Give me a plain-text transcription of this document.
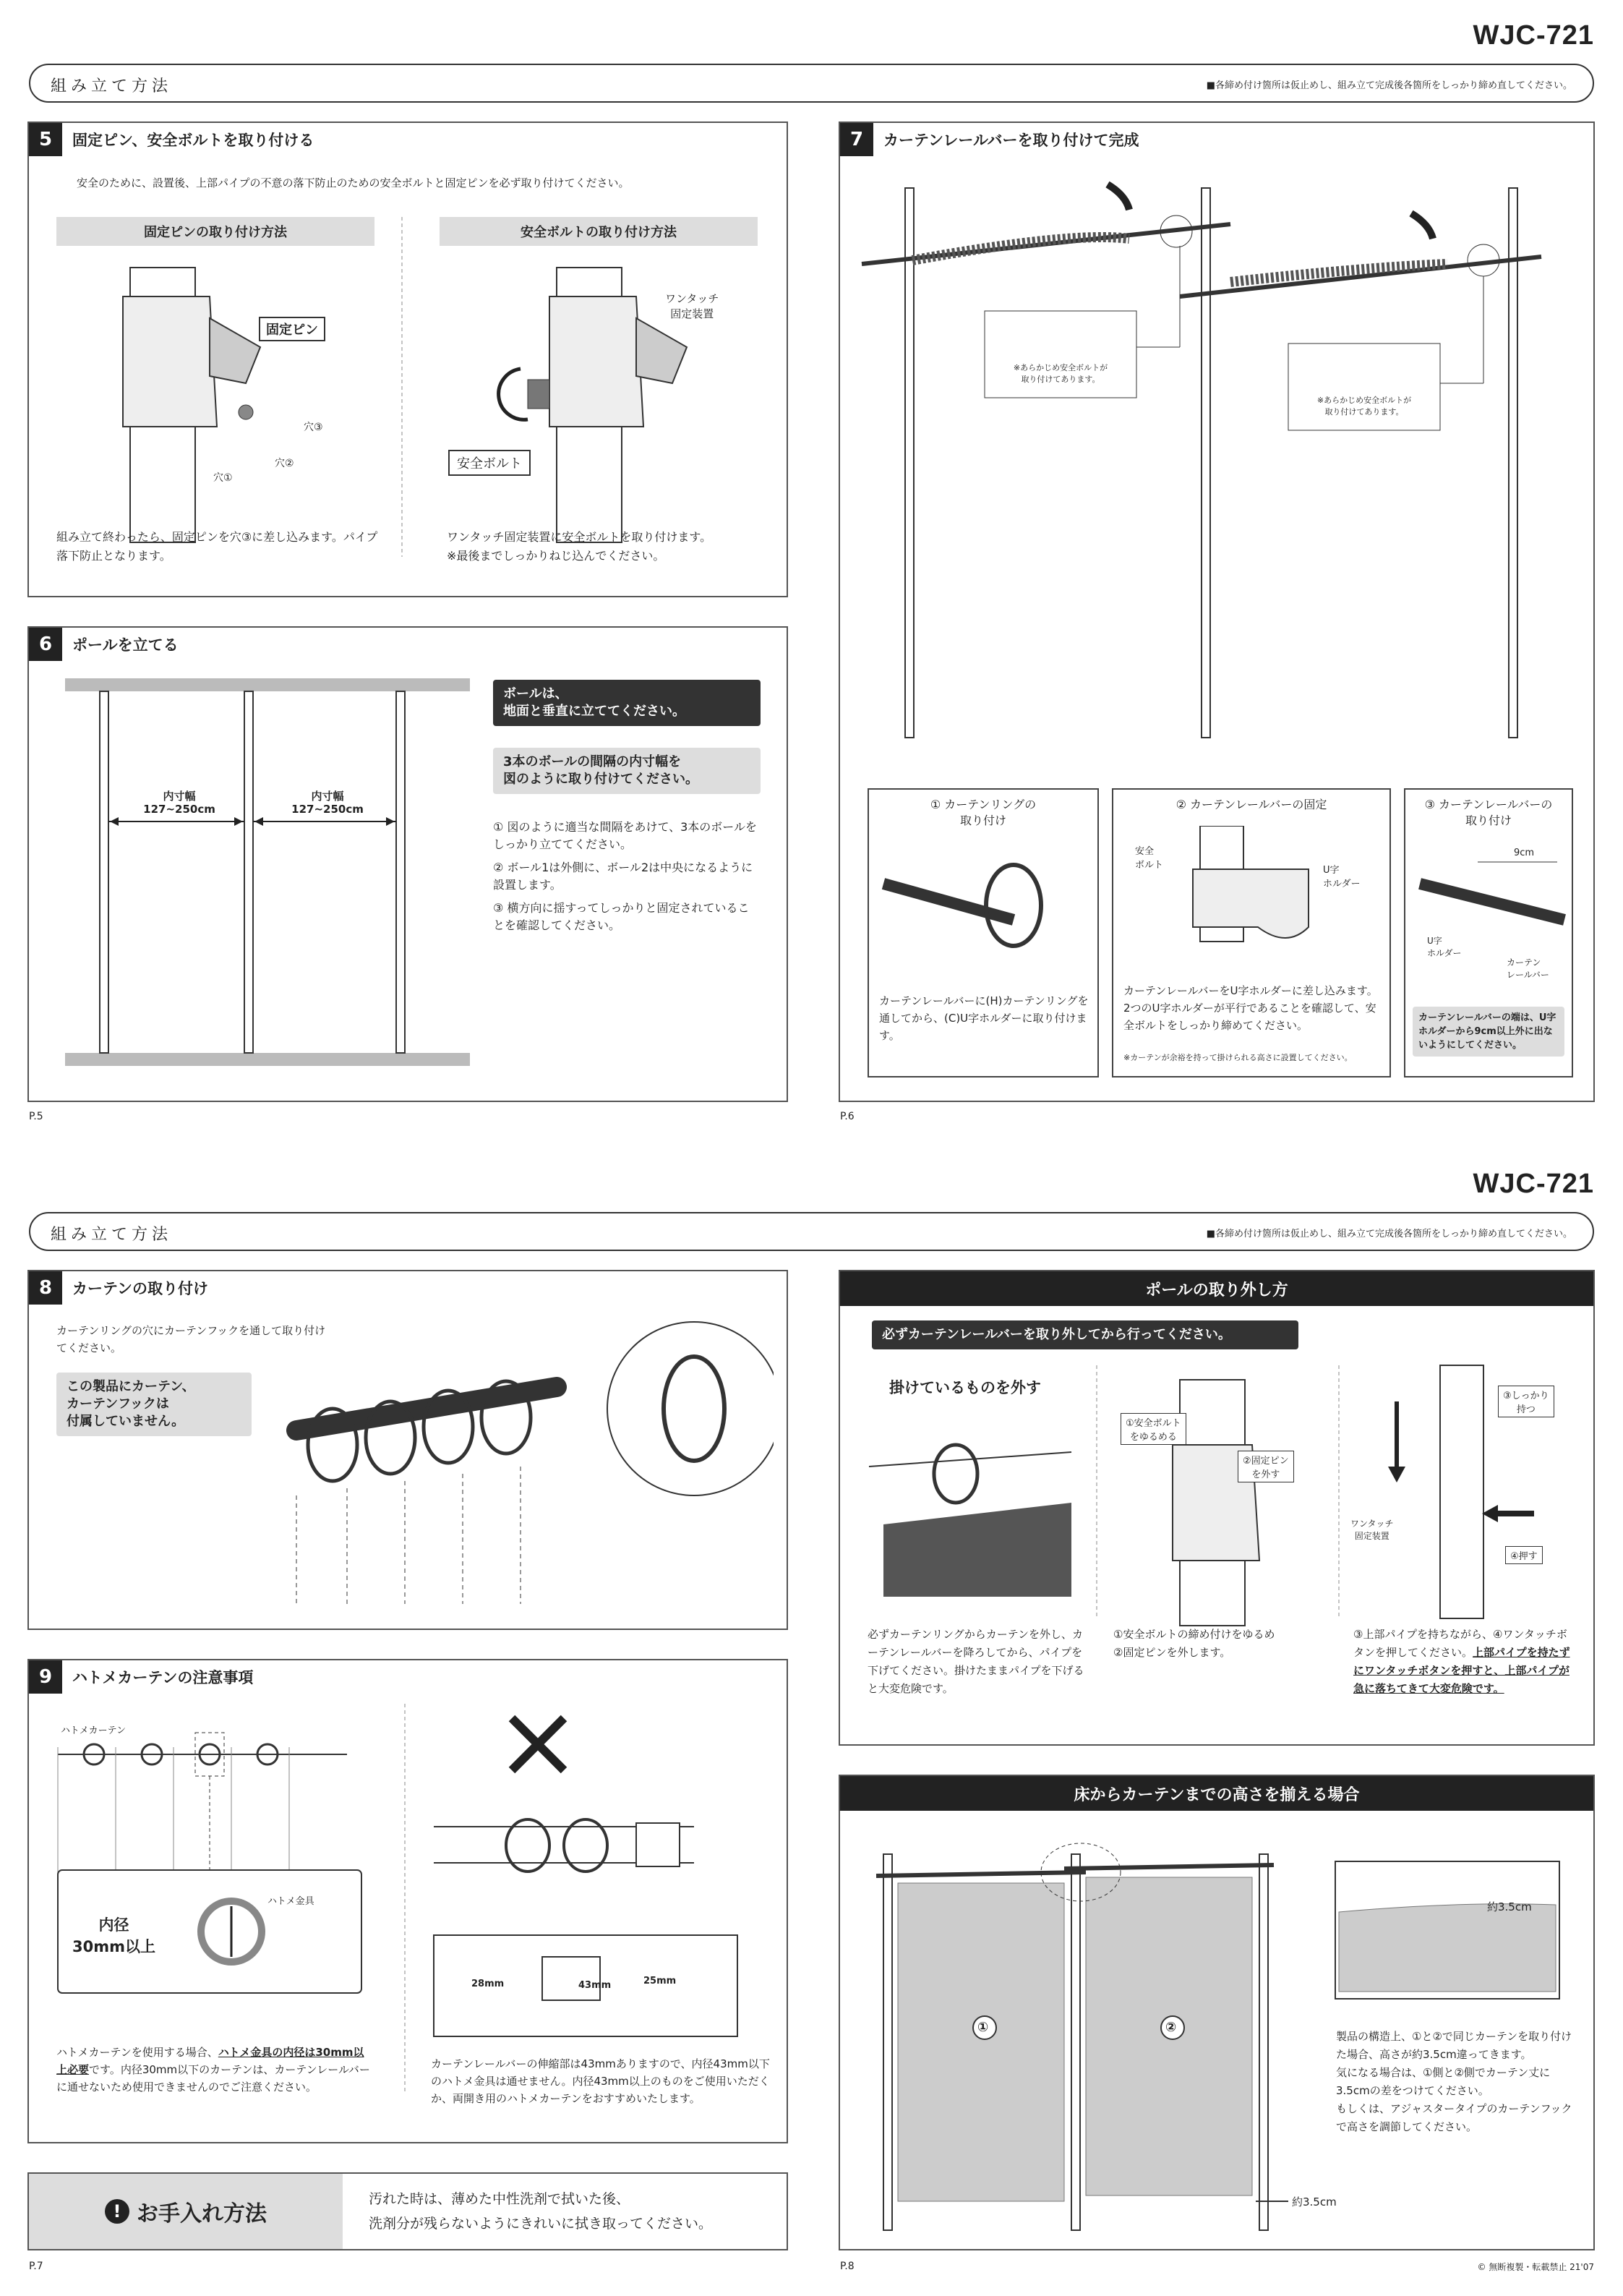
WJC-721
組み立て方法	■各締め付け箇所は仮止めし、組み立て完成後各箇所をしっかり締め直してください。
5	固定ピン、安全ボルトを取り付ける
安全のために、設置後、上部パイプの不意の落下防止のための安全ボルトと固定ピンを必ず取り付けてください。
固定ピンの取り付け方法	安全ボルトの取り付け方法
固定ピン
穴③
穴②
穴①
ワンタッチ
固定装置
安全ボルト
組み立て終わったら、固定ピンを穴③に差し込みます。パイプ落下防止となります。
ワンタッチ固定装置に安全ボルトを取り付けます。
※最後までしっかりねじ込んでください。
6	ポールを立てる
内寸幅
127~250cm
内寸幅
127~250cm
ボールは、
地面と垂直に立ててください。
3本のボールの間隔の内寸幅を
図のように取り付けてください。
① 図のように適当な間隔をあけて、3本のボールをしっかり立ててください。
② ボール1は外側に、ボール2は中央になるように設置します。
③ 横方向に揺すってしっかりと固定されていることを確認してください。
7	カーテンレールバーを取り付けて完成
※あらかじめ安全ボルトが
取り付けてあります。
※あらかじめ安全ボルトが
取り付けてあります。
① カーテンリングの
取り付け
カーテンレールバーに(H)カーテンリングを通してから、(C)U字ホルダーに取り付けます。
② カーテンレールバーの固定
安全
ボルト	U字
ホルダー
カーテンレールバーをU字ホルダーに差し込みます。2つのU字ホルダーが平行であることを確認して、安全ボルトをしっかり締めてください。
※カーテンが余裕を持って掛けられる高さに設置してください。
③ カーテンレールバーの
取り付け
9cm
U字
ホルダー
カーテン
レールバー
カーテンレールバーの端は、U字ホルダーから9cm以上外に出ないようにしてください。
P.5	P.6
WJC-721
組み立て方法	■各締め付け箇所は仮止めし、組み立て完成後各箇所をしっかり締め直してください。
8	カーテンの取り付け
カーテンリングの穴にカーテンフックを通して取り付けてください。
この製品にカーテン、
カーテンフックは
付属していません。
9	ハトメカーテンの注意事項
ハトメカーテン
ハトメ金具
内径
30mm以上
28mm	43mm	25mm
ハトメカーテンを使用する場合、ハトメ金具の内径は30mm以上必要です。内径30mm以下のカーテンは、カーテンレールバーに通せないため使用できませんのでご注意ください。
カーテンレールバーの伸縮部は43mmありますので、内径43mm以下のハトメ金具は通せません。内径43mm以上のものをご使用いただくか、両開き用のハトメカーテンをおすすめいたします。
! お手入れ方法
汚れた時は、薄めた中性洗剤で拭いた後、
洗剤分が残らないようにきれいに拭き取ってください。
ポールの取り外し方
必ずカーテンレールバーを取り外してから行ってください。
掛けているものを外す
①安全ボルト
をゆるめる
②固定ピン
を外す
③しっかり
持つ
ワンタッチ
固定装置
④押す
必ずカーテンリングからカーテンを外し、カーテンレールバーを降ろしてから、パイプを下げてください。掛けたままパイプを下げると大変危険です。
①安全ボルトの締め付けをゆるめ
②固定ピンを外します。
③上部パイプを持ちながら、④ワンタッチボタンを押してください。上部パイプを持たずにワンタッチボタンを押すと、上部パイプが急に落ちてきて大変危険です。
床からカーテンまでの高さを揃える場合
①	②
約3.5cm
約3.5cm
製品の構造上、①と②で同じカーテンを取り付けた場合、高さが約3.5cm違ってきます。
気になる場合は、①側と②側でカーテン丈に3.5cmの差をつけてください。
もしくは、アジャスタータイプのカーテンフックで高さを調節してください。
P.7	P.8	© 無断複製・転載禁止 21'07
